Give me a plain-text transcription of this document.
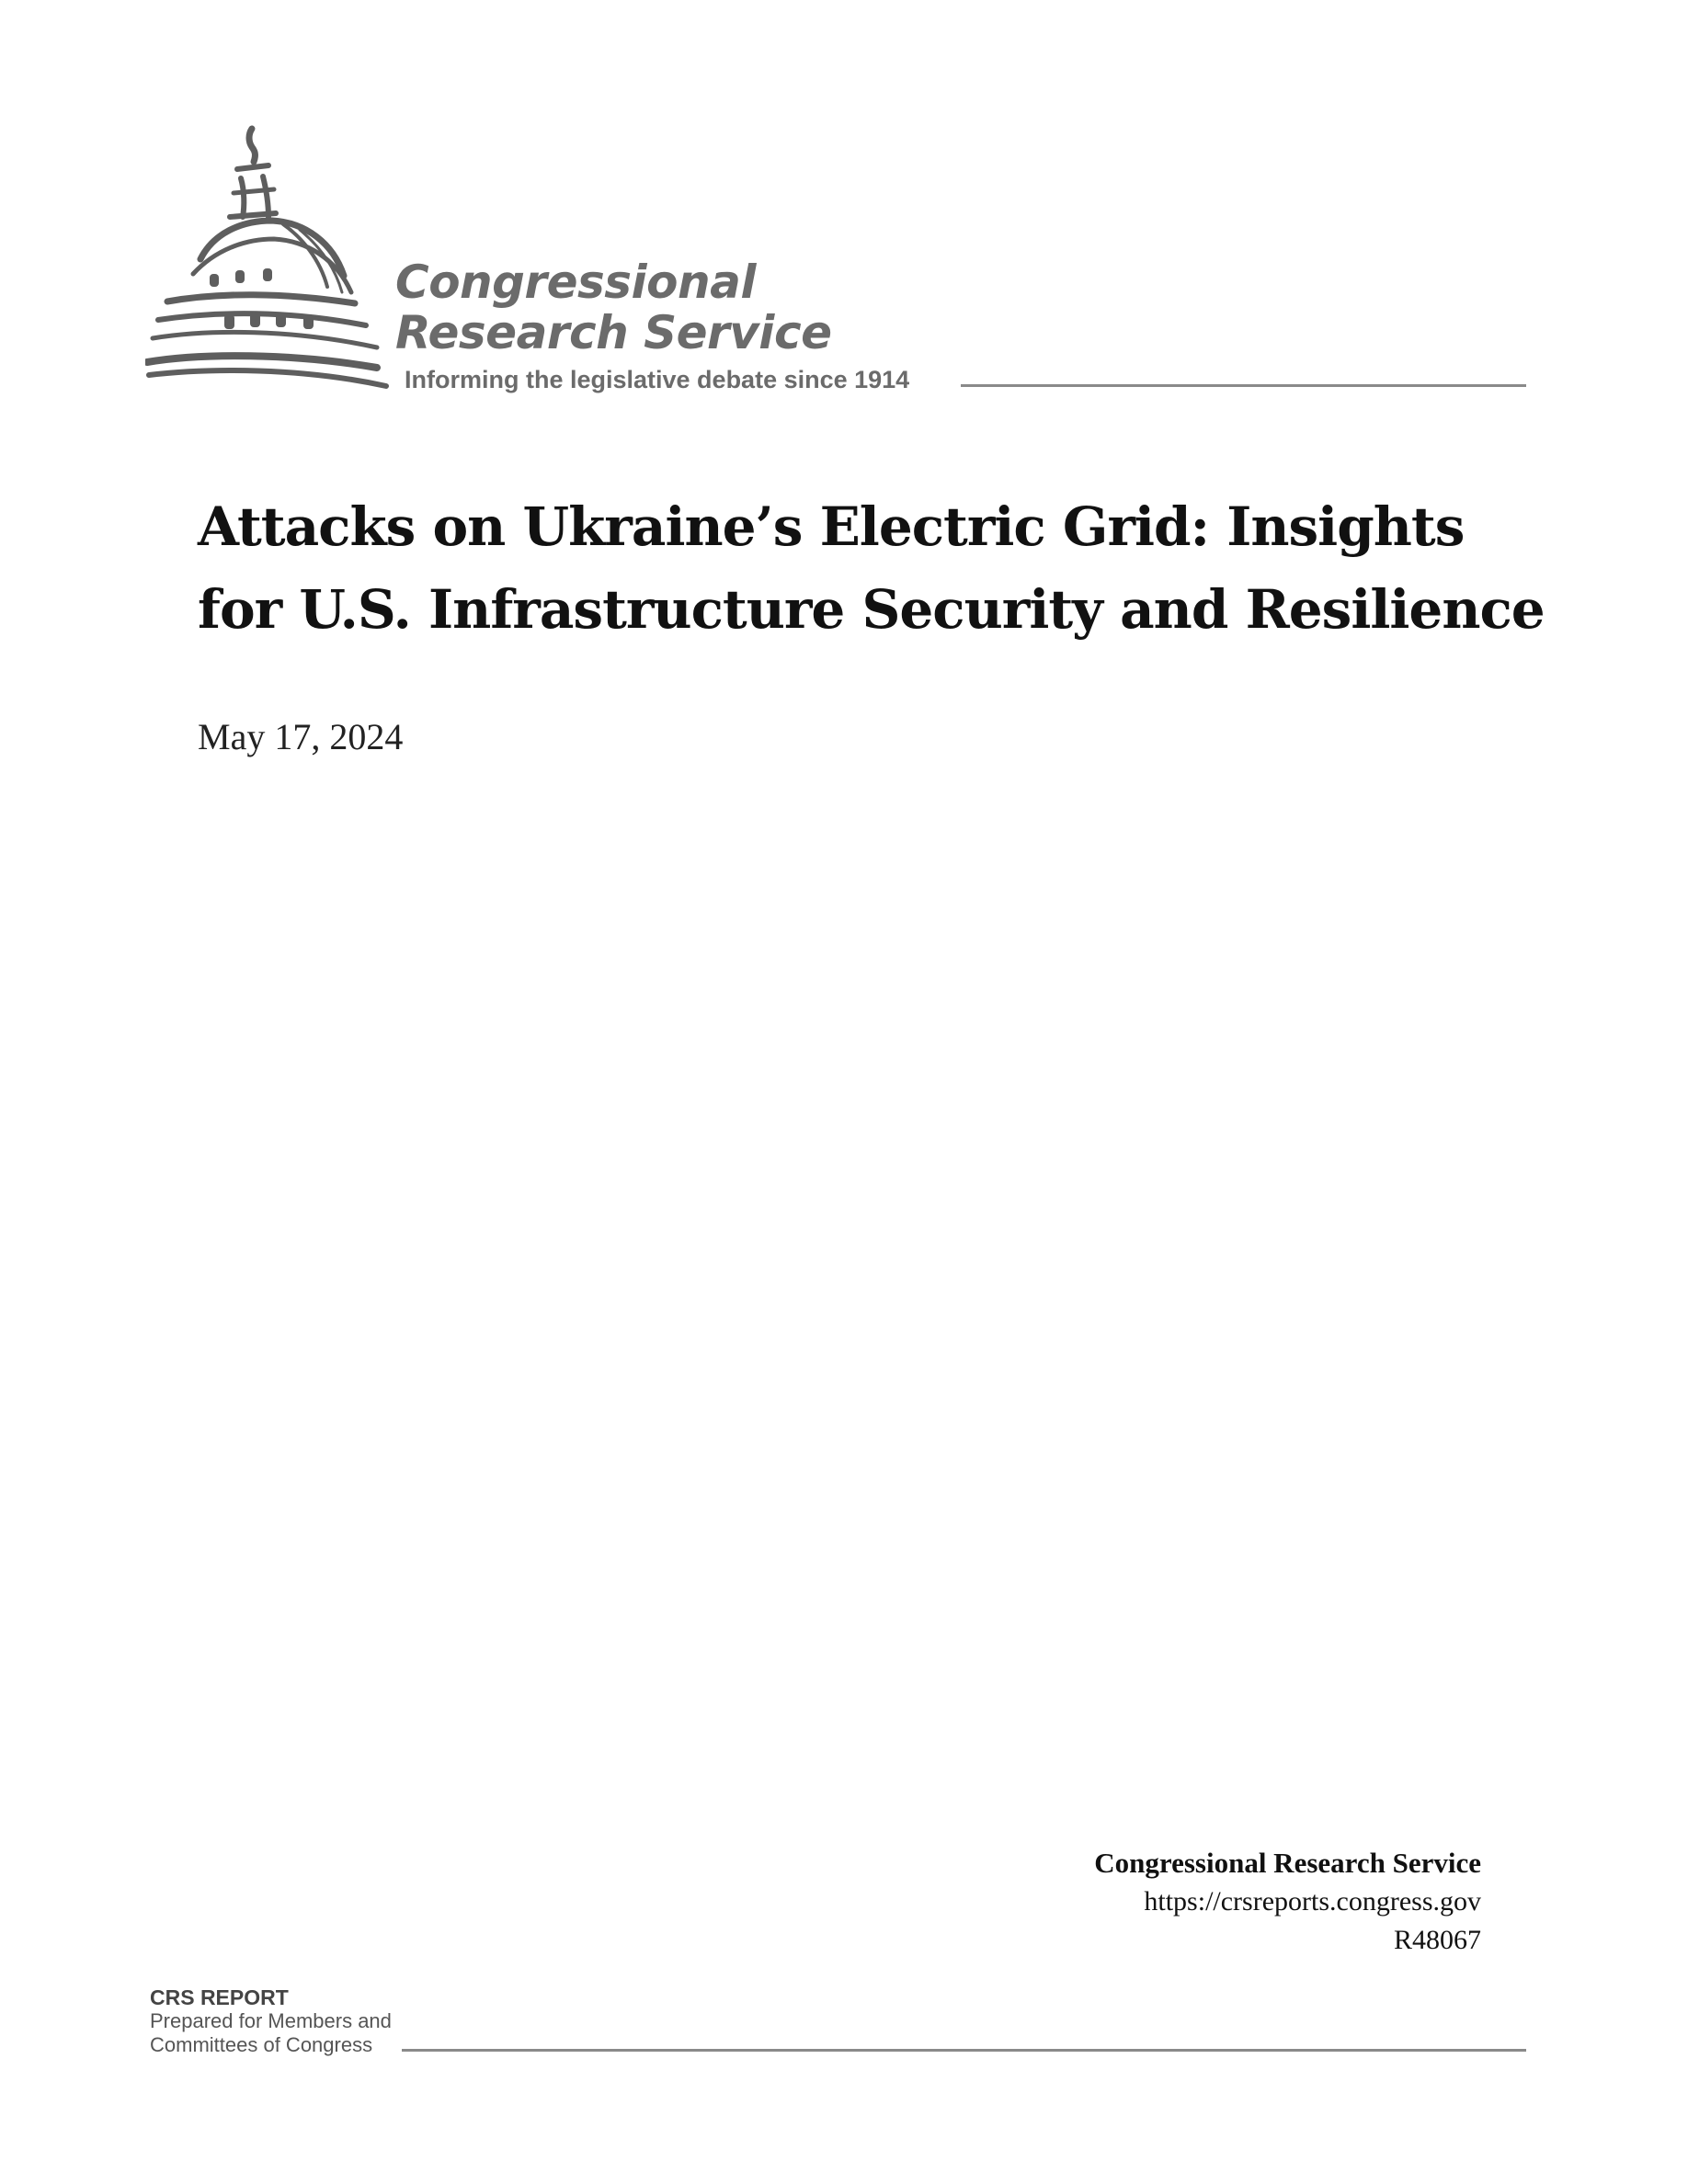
Congressional
Research Service
Informing the legislative debate since 1914
Attacks on Ukraine’s Electric Grid: Insights
for U.S. Infrastructure Security and Resilience
May 17, 2024
Congressional Research Service
https://crsreports.congress.gov
R48067
CRS REPORT
Prepared for Members and
Committees of Congress
